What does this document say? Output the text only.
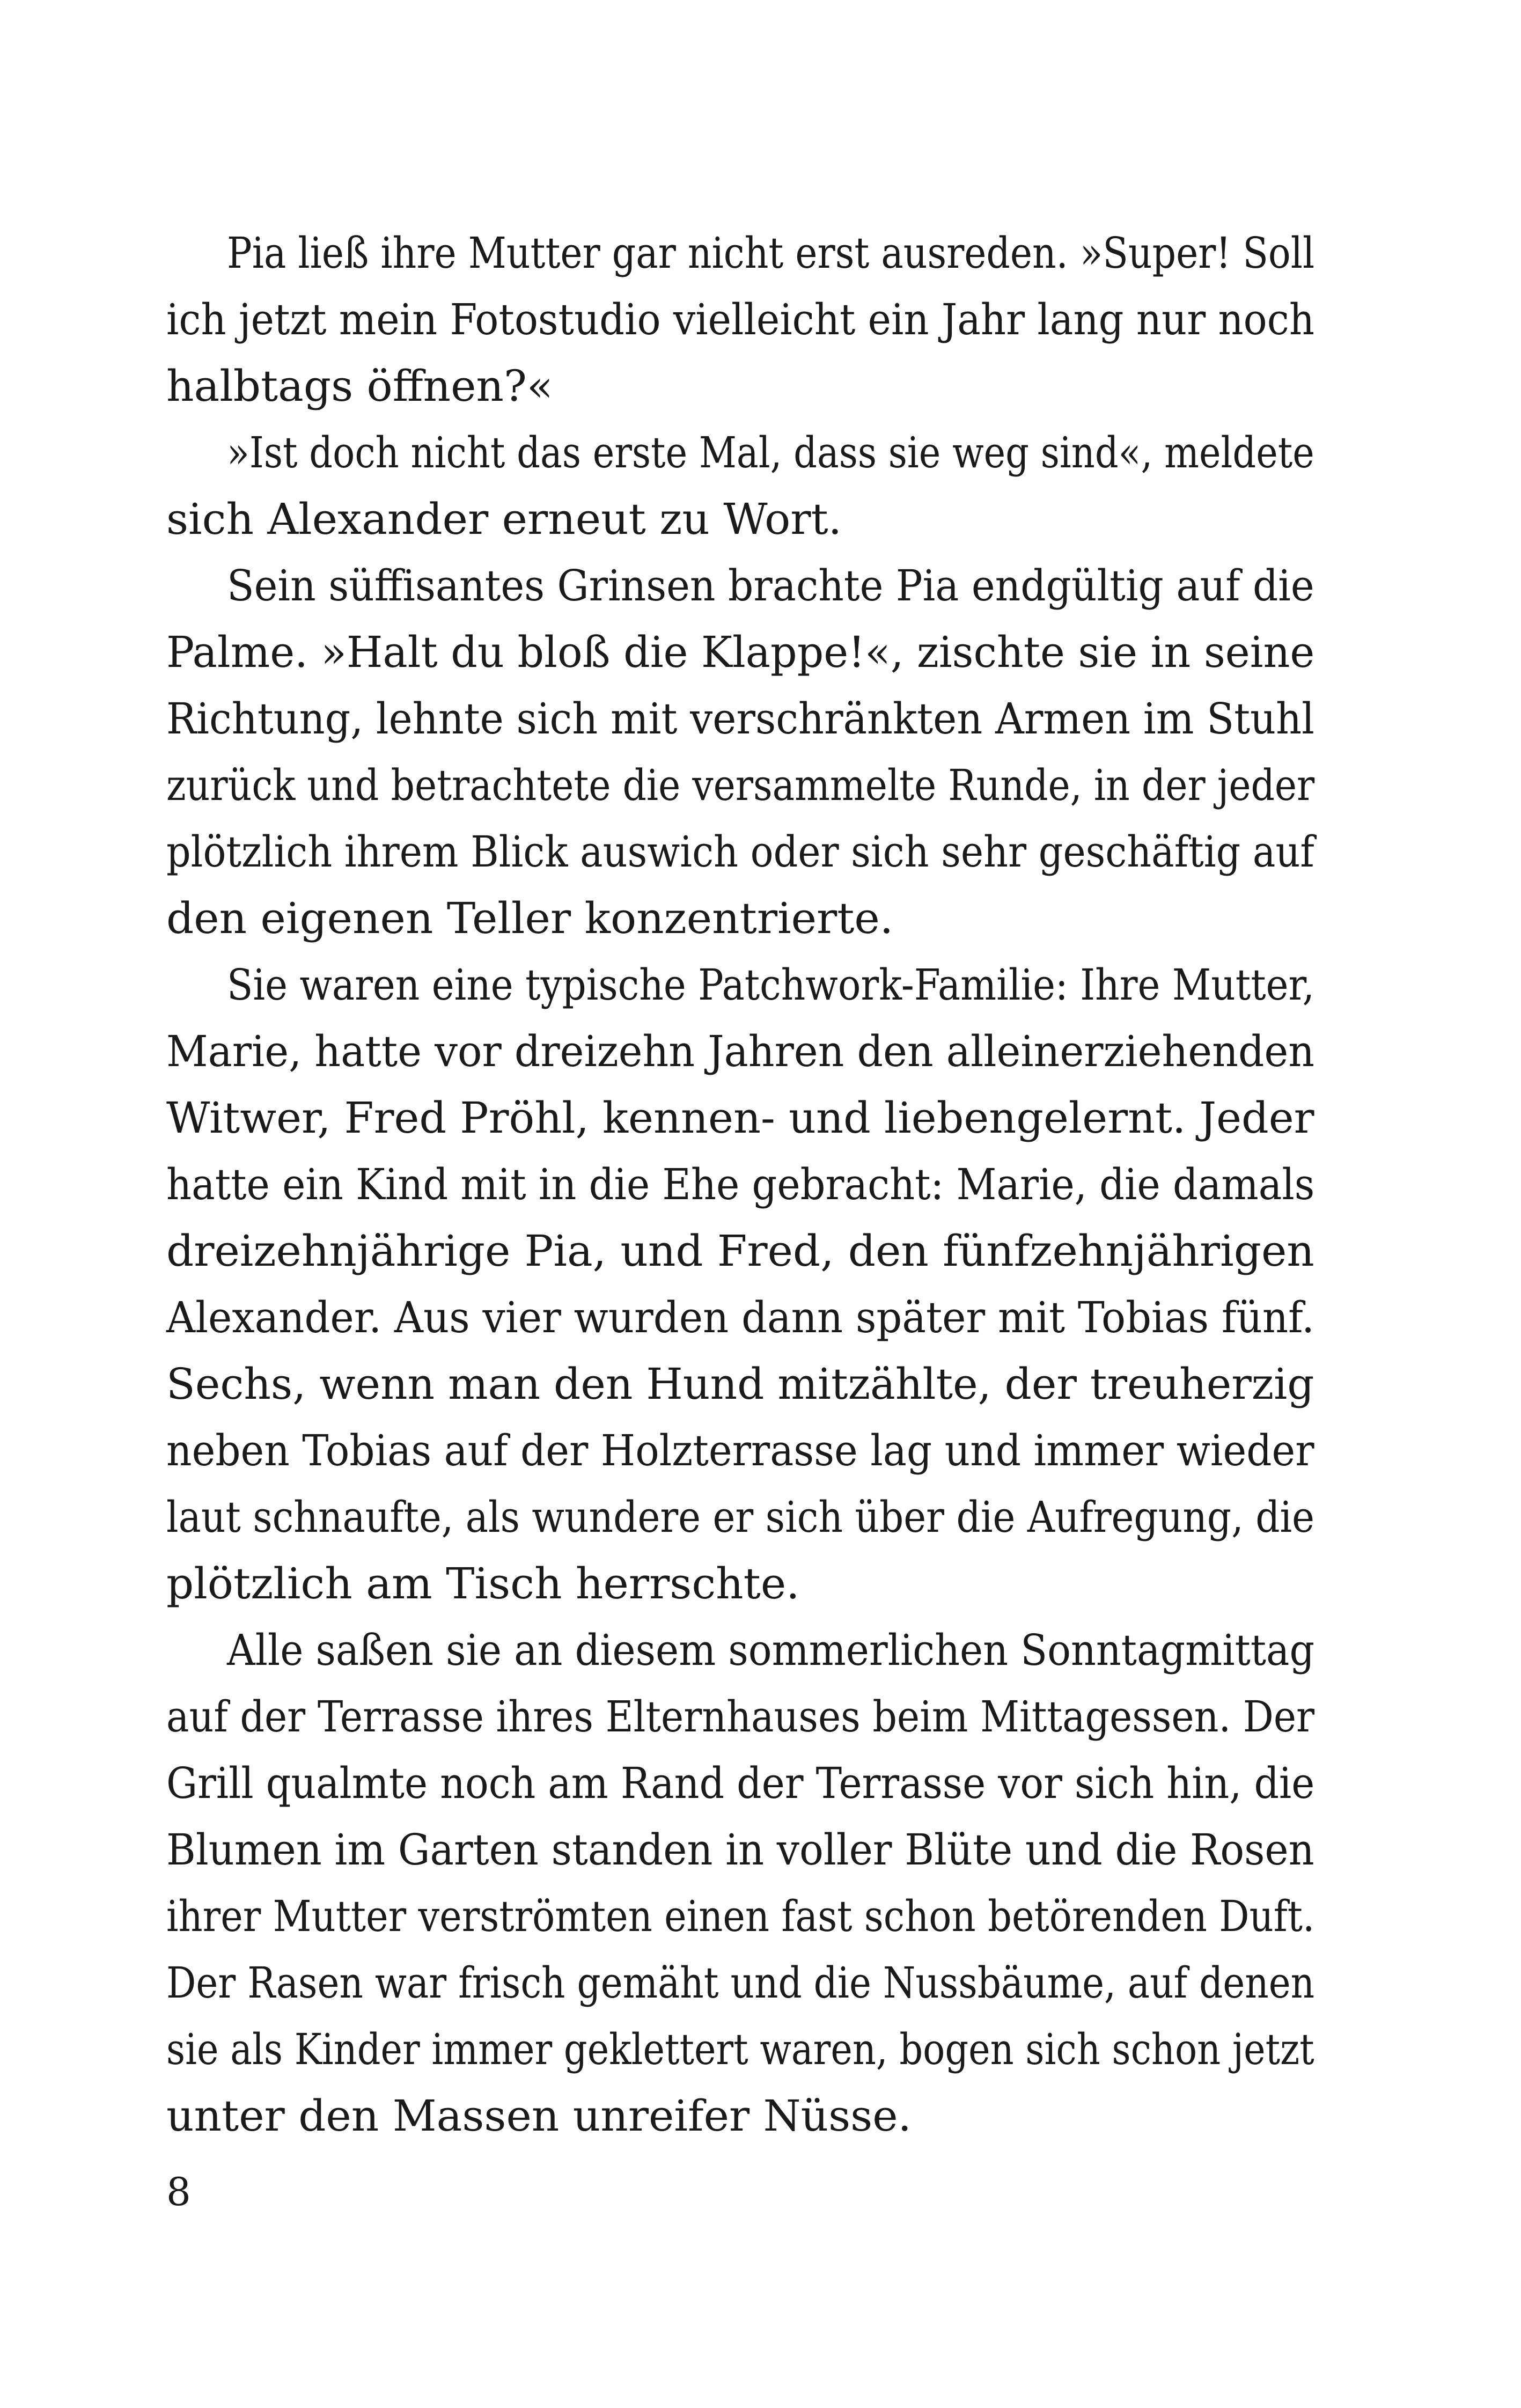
Pia ließ ihre Mutter gar nicht erst ausreden. »Super! Soll
ich jetzt mein Fotostudio vielleicht ein Jahr lang nur noch
halbtags öffnen?«
»Ist doch nicht das erste Mal, dass sie weg sind«, meldete
sich Alexander erneut zu Wort.
Sein süffisantes Grinsen brachte Pia endgültig auf die
Palme. »Halt du bloß die Klappe!«, zischte sie in seine
Richtung, lehnte sich mit verschränkten Armen im Stuhl
zurück und betrachtete die versammelte Runde, in der jeder
plötzlich ihrem Blick auswich oder sich sehr geschäftig auf
den eigenen Teller konzentrierte.
Sie waren eine typische Patchwork-Familie: Ihre Mutter,
Marie, hatte vor dreizehn Jahren den alleinerziehenden
Witwer, Fred Pröhl, kennen- und liebengelernt. Jeder
hatte ein Kind mit in die Ehe gebracht: Marie, die damals
dreizehnjährige Pia, und Fred, den fünfzehnjährigen
Alexander. Aus vier wurden dann später mit Tobias fünf.
Sechs, wenn man den Hund mitzählte, der treuherzig
neben Tobias auf der Holzterrasse lag und immer wieder
laut schnaufte, als wundere er sich über die Aufregung, die
plötzlich am Tisch herrschte.
Alle saßen sie an diesem sommerlichen Sonntagmittag
auf der Terrasse ihres Elternhauses beim Mittagessen. Der
Grill qualmte noch am Rand der Terrasse vor sich hin, die
Blumen im Garten standen in voller Blüte und die Rosen
ihrer Mutter verströmten einen fast schon betörenden Duft.
Der Rasen war frisch gemäht und die Nussbäume, auf denen
sie als Kinder immer geklettert waren, bogen sich schon jetzt
unter den Massen unreifer Nüsse.
8
